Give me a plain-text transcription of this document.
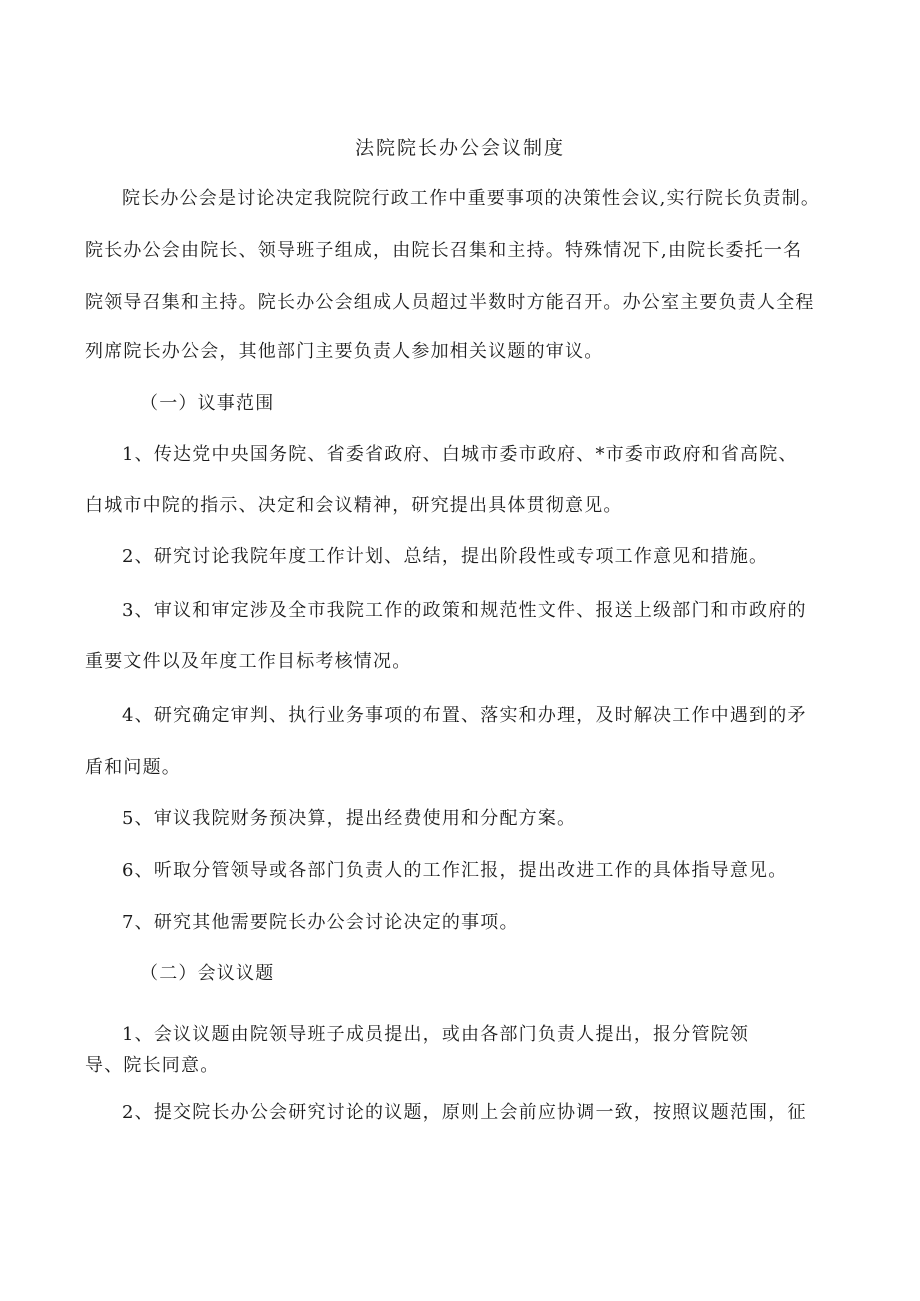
法院院长办公会议制度
院长办公会是讨论决定我院院行政工作中重要事项的决策性会议,实行院长负责制。
院长办公会由院长、领导班子组成，由院长召集和主持。特殊情况下,由院长委托一名
院领导召集和主持。院长办公会组成人员超过半数时方能召开。办公室主要负责人全程
列席院长办公会，其他部门主要负责人参加相关议题的审议。
（一）议事范围
1、传达党中央国务院、省委省政府、白城市委市政府、*市委市政府和省高院、
白城市中院的指示、决定和会议精神，研究提出具体贯彻意见。
2、研究讨论我院年度工作计划、总结，提出阶段性或专项工作意见和措施。
3、审议和审定涉及全市我院工作的政策和规范性文件、报送上级部门和市政府的
重要文件以及年度工作目标考核情况。
4、研究确定审判、执行业务事项的布置、落实和办理，及时解决工作中遇到的矛
盾和问题。
5、审议我院财务预决算，提出经费使用和分配方案。
6、听取分管领导或各部门负责人的工作汇报，提出改进工作的具体指导意见。
7、研究其他需要院长办公会讨论决定的事项。
（二）会议议题
1、会议议题由院领导班子成员提出，或由各部门负责人提出，报分管院领
导、院长同意。
2、提交院长办公会研究讨论的议题，原则上会前应协调一致，按照议题范围，征
